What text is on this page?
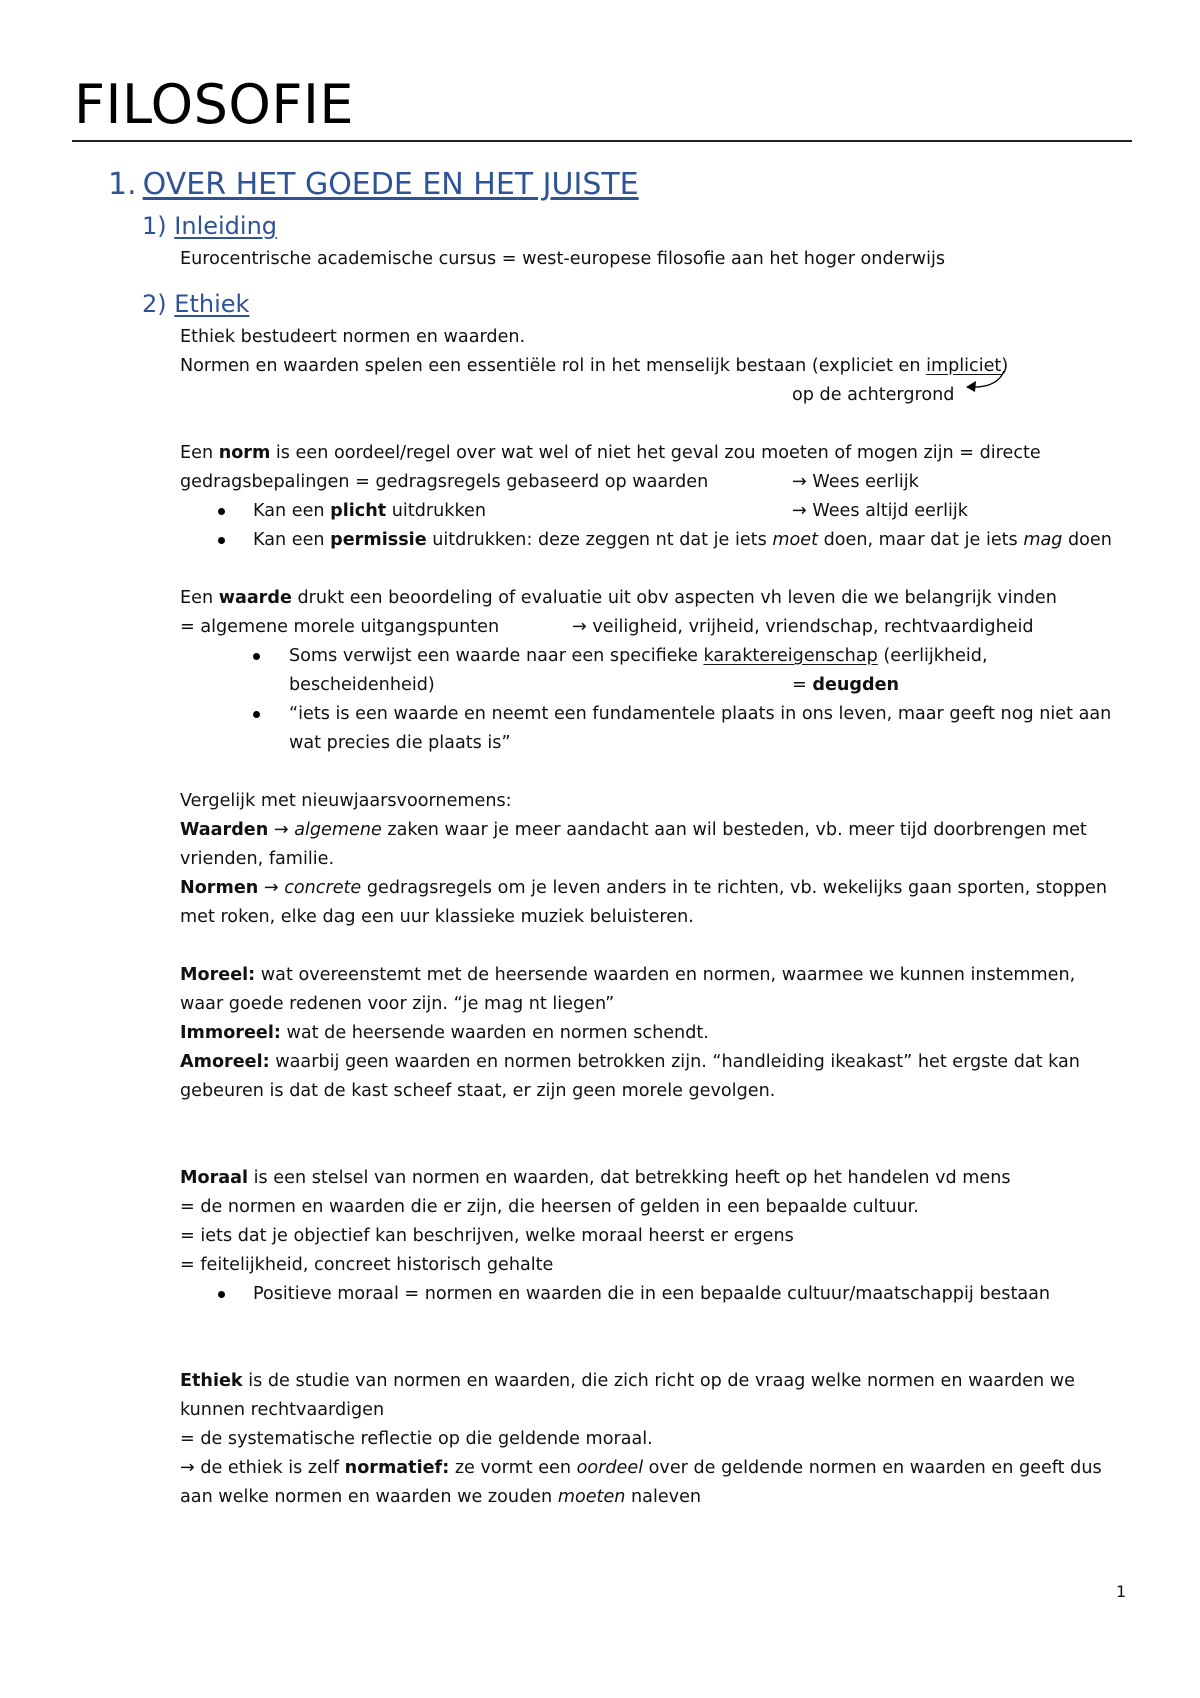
FILOSOFIE
1. OVER HET GOEDE EN HET JUISTE
1) Inleiding
Eurocentrische academische cursus = west-europese filosofie aan het hoger onderwijs
2) Ethiek
Ethiek bestudeert normen en waarden.
Normen en waarden spelen een essentiële rol in het menselijk bestaan (expliciet en impliciet)
op de achtergrond
Een norm is een oordeel/regel over wat wel of niet het geval zou moeten of mogen zijn = directe
gedragsbepalingen = gedragsregels gebaseerd op waarden	→ Wees eerlijk
Kan een plicht uitdrukken	→ Wees altijd eerlijk
Kan een permissie uitdrukken: deze zeggen nt dat je iets moet doen, maar dat je iets mag doen
Een waarde drukt een beoordeling of evaluatie uit obv aspecten vh leven die we belangrijk vinden
= algemene morele uitgangspunten	→ veiligheid, vrijheid, vriendschap, rechtvaardigheid
Soms verwijst een waarde naar een specifieke karaktereigenschap (eerlijkheid,
bescheidenheid)	= deugden
“iets is een waarde en neemt een fundamentele plaats in ons leven, maar geeft nog niet aan
wat precies die plaats is”
Vergelijk met nieuwjaarsvoornemens:
Waarden → algemene zaken waar je meer aandacht aan wil besteden, vb. meer tijd doorbrengen met
vrienden, familie.
Normen → concrete gedragsregels om je leven anders in te richten, vb. wekelijks gaan sporten, stoppen
met roken, elke dag een uur klassieke muziek beluisteren.
Moreel: wat overeenstemt met de heersende waarden en normen, waarmee we kunnen instemmen,
waar goede redenen voor zijn. “je mag nt liegen”
Immoreel: wat de heersende waarden en normen schendt.
Amoreel: waarbij geen waarden en normen betrokken zijn. “handleiding ikeakast” het ergste dat kan
gebeuren is dat de kast scheef staat, er zijn geen morele gevolgen.
Moraal is een stelsel van normen en waarden, dat betrekking heeft op het handelen vd mens
= de normen en waarden die er zijn, die heersen of gelden in een bepaalde cultuur.
= iets dat je objectief kan beschrijven, welke moraal heerst er ergens
= feitelijkheid, concreet historisch gehalte
Positieve moraal = normen en waarden die in een bepaalde cultuur/maatschappij bestaan
Ethiek is de studie van normen en waarden, die zich richt op de vraag welke normen en waarden we
kunnen rechtvaardigen
= de systematische reflectie op die geldende moraal.
→ de ethiek is zelf normatief: ze vormt een oordeel over de geldende normen en waarden en geeft dus
aan welke normen en waarden we zouden moeten naleven
1
